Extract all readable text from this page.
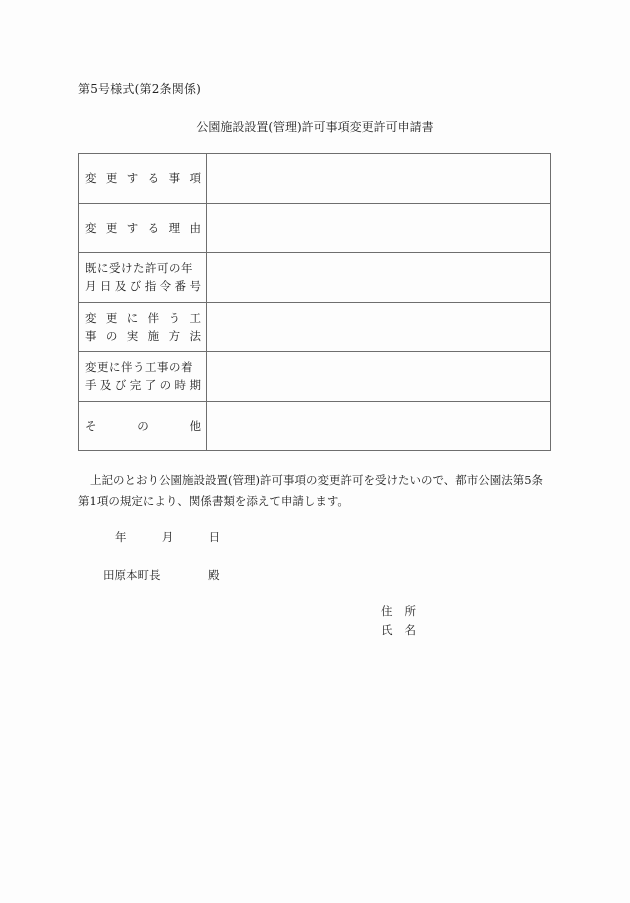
第5号様式(第2条関係)
公園施設設置(管理)許可事項変更許可申請書
変 更 す る 事 項

変 更 す る 理 由

既に受けた許可の年
月 日 及 び 指 令 番 号

変 更 に 伴 う 工
事 の 実 施 方 法

変更に伴う工事の着
手 及 び 完 了 の 時 期

そ の 他	

上記のとおり公園施設設置(管理)許可事項の変更許可を受けたいので、都市公園法第5条第1項の規定により、関係書類を添えて申請します。
年	月	日
田原本町長	殿
住 所
氏 名
